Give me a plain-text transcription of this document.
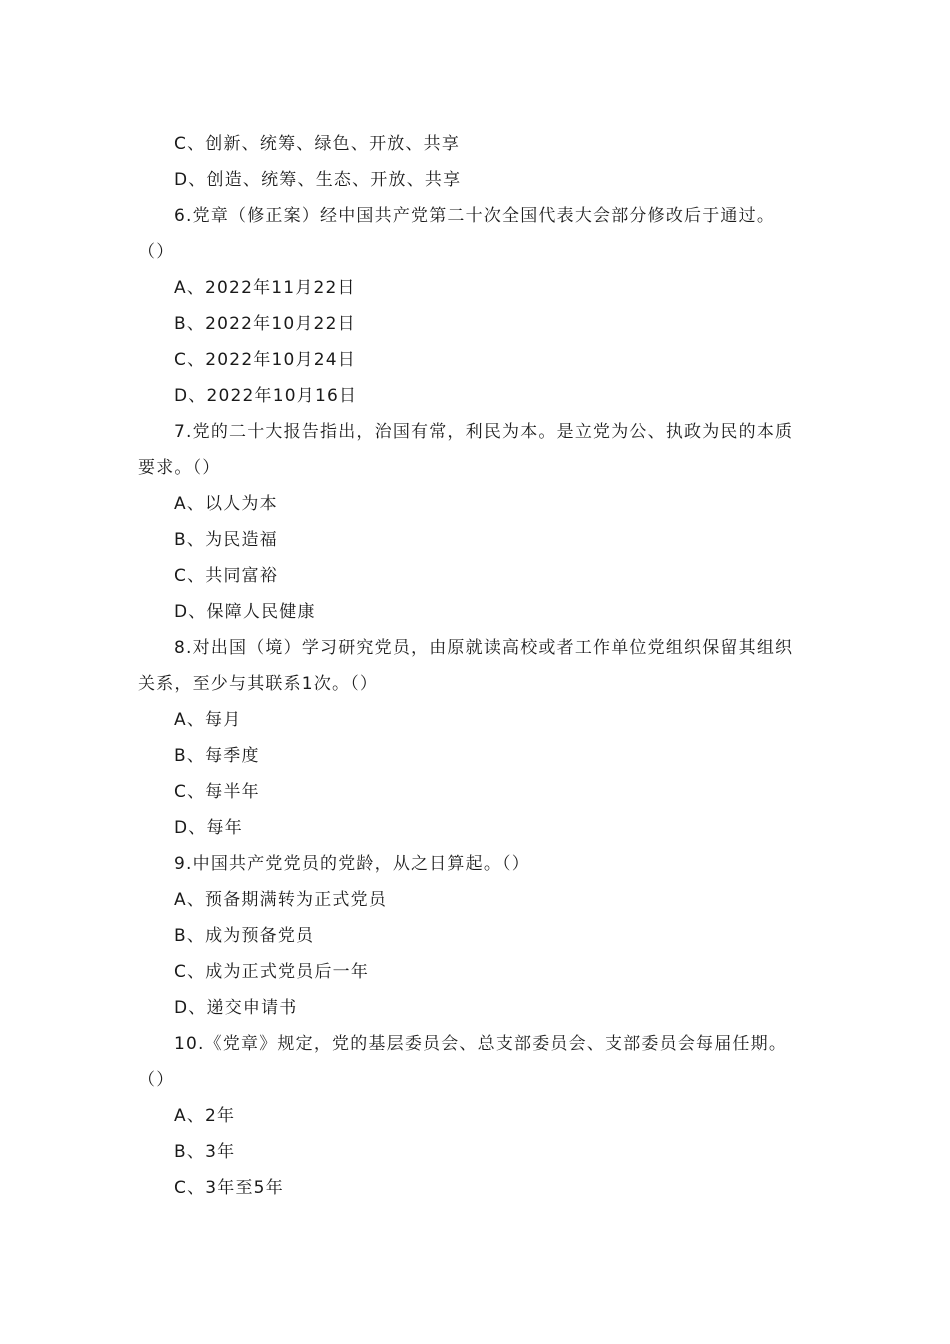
C、创新、统筹、绿色、开放、共享
D、创造、统筹、生态、开放、共享
6.党章（修正案）经中国共产党第二十次全国代表大会部分修改后于通过。
（）
A、2022年11月22日
B、2022年10月22日
C、2022年10月24日
D、2022年10月16日
7.党的二十大报告指出，治国有常，利民为本。是立党为公、执政为民的本质
要求。（）
A、以人为本
B、为民造福
C、共同富裕
D、保障人民健康
8.对出国（境）学习研究党员，由原就读高校或者工作单位党组织保留其组织
关系，至少与其联系1次。（）
A、每月
B、每季度
C、每半年
D、每年
9.中国共产党党员的党龄，从之日算起。（）
A、预备期满转为正式党员
B、成为预备党员
C、成为正式党员后一年
D、递交申请书
10.《党章》规定，党的基层委员会、总支部委员会、支部委员会每届任期。
（）
A、2年
B、3年
C、3年至5年
